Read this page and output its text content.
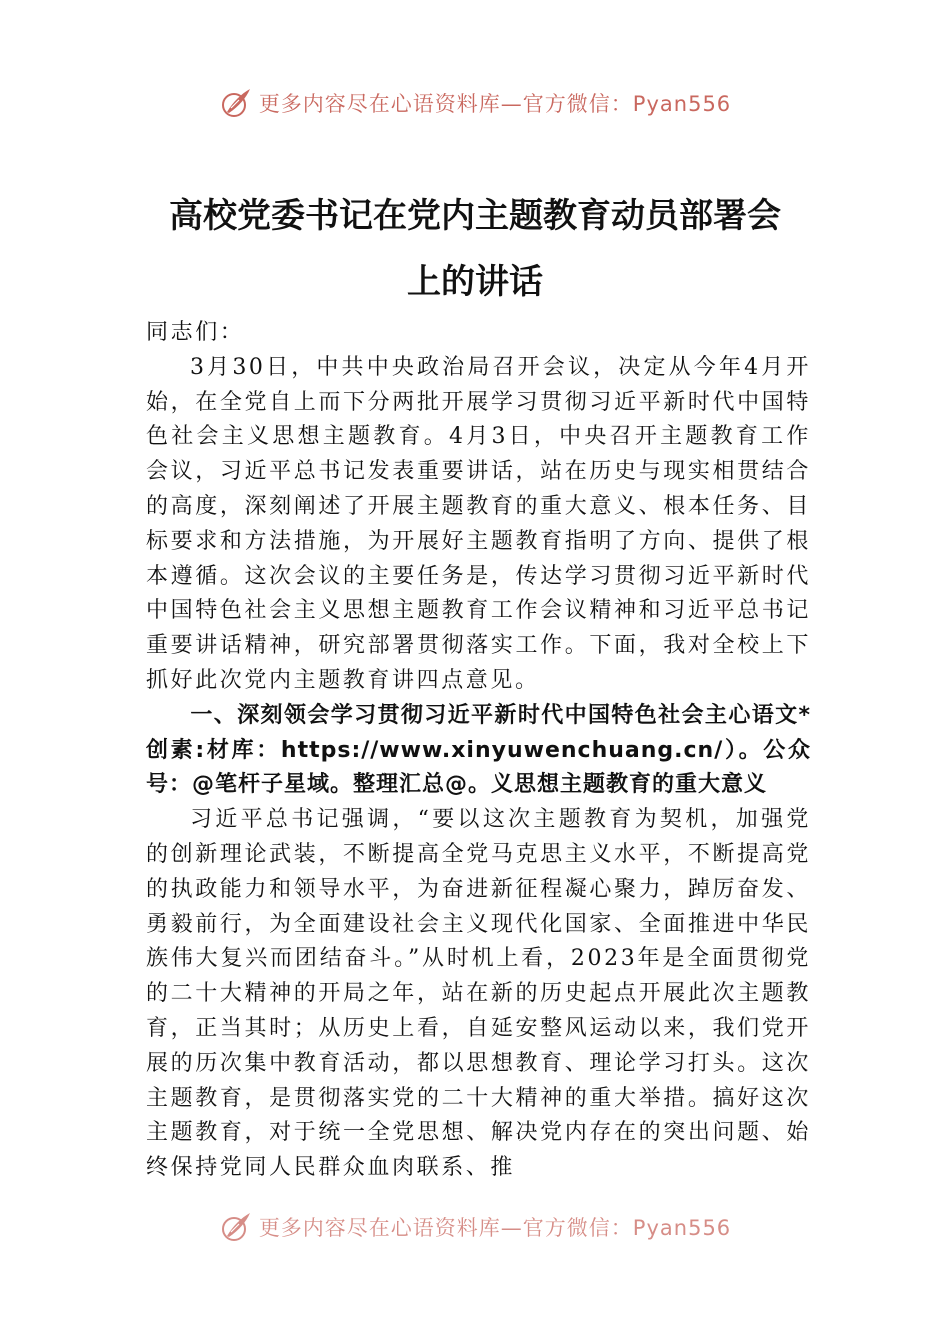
更多内容尽在心语资料库—官方微信：Pyan556
高校党委书记在党内主题教育动员部署会
上的讲话

同志们：

3月30日，中共中央政治局召开会议，决定从今年4月开始，在全党自上而下分两批开展学习贯彻习近平新时代中国特色社会主义思想主题教育。4月3日，中央召开主题教育工作会议，习近平总书记发表重要讲话，站在历史与现实相贯结合的高度，深刻阐述了开展主题教育的重大意义、根本任务、目标要求和方法措施，为开展好主题教育指明了方向、提供了根本遵循。这次会议的主要任务是，传达学习贯彻习近平新时代中国特色社会主义思想主题教育工作会议精神和习近平总书记重要讲话精神，研究部署贯彻落实工作。下面，我对全校上下抓好此次党内主题教育讲四点意见。

一、深刻领会学习贯彻习近平新时代中国特色社会主心语文*创素:材库：https://www.xinyuwenchuang.cn/）。公众号：@笔杆子星域。整理汇总@。义思想主题教育的重大意义

习近平总书记强调，“要以这次主题教育为契机，加强党的创新理论武装，不断提高全党马克思主义水平，不断提高党的执政能力和领导水平，为奋进新征程凝心聚力，踔厉奋发、勇毅前行，为全面建设社会主义现代化国家、全面推进中华民族伟大复兴而团结奋斗。”从时机上看，2023年是全面贯彻党的二十大精神的开局之年，站在新的历史起点开展此次主题教育，正当其时；从历史上看，自延安整风运动以来，我们党开展的历次集中教育活动，都以思想教育、理论学习打头。这次主题教育，是贯彻落实党的二十大精神的重大举措。搞好这次主题教育，对于统一全党思想、解决党内存在的突出问题、始终保持党同人民群众血肉联系、推

更多内容尽在心语资料库—官方微信：Pyan556
